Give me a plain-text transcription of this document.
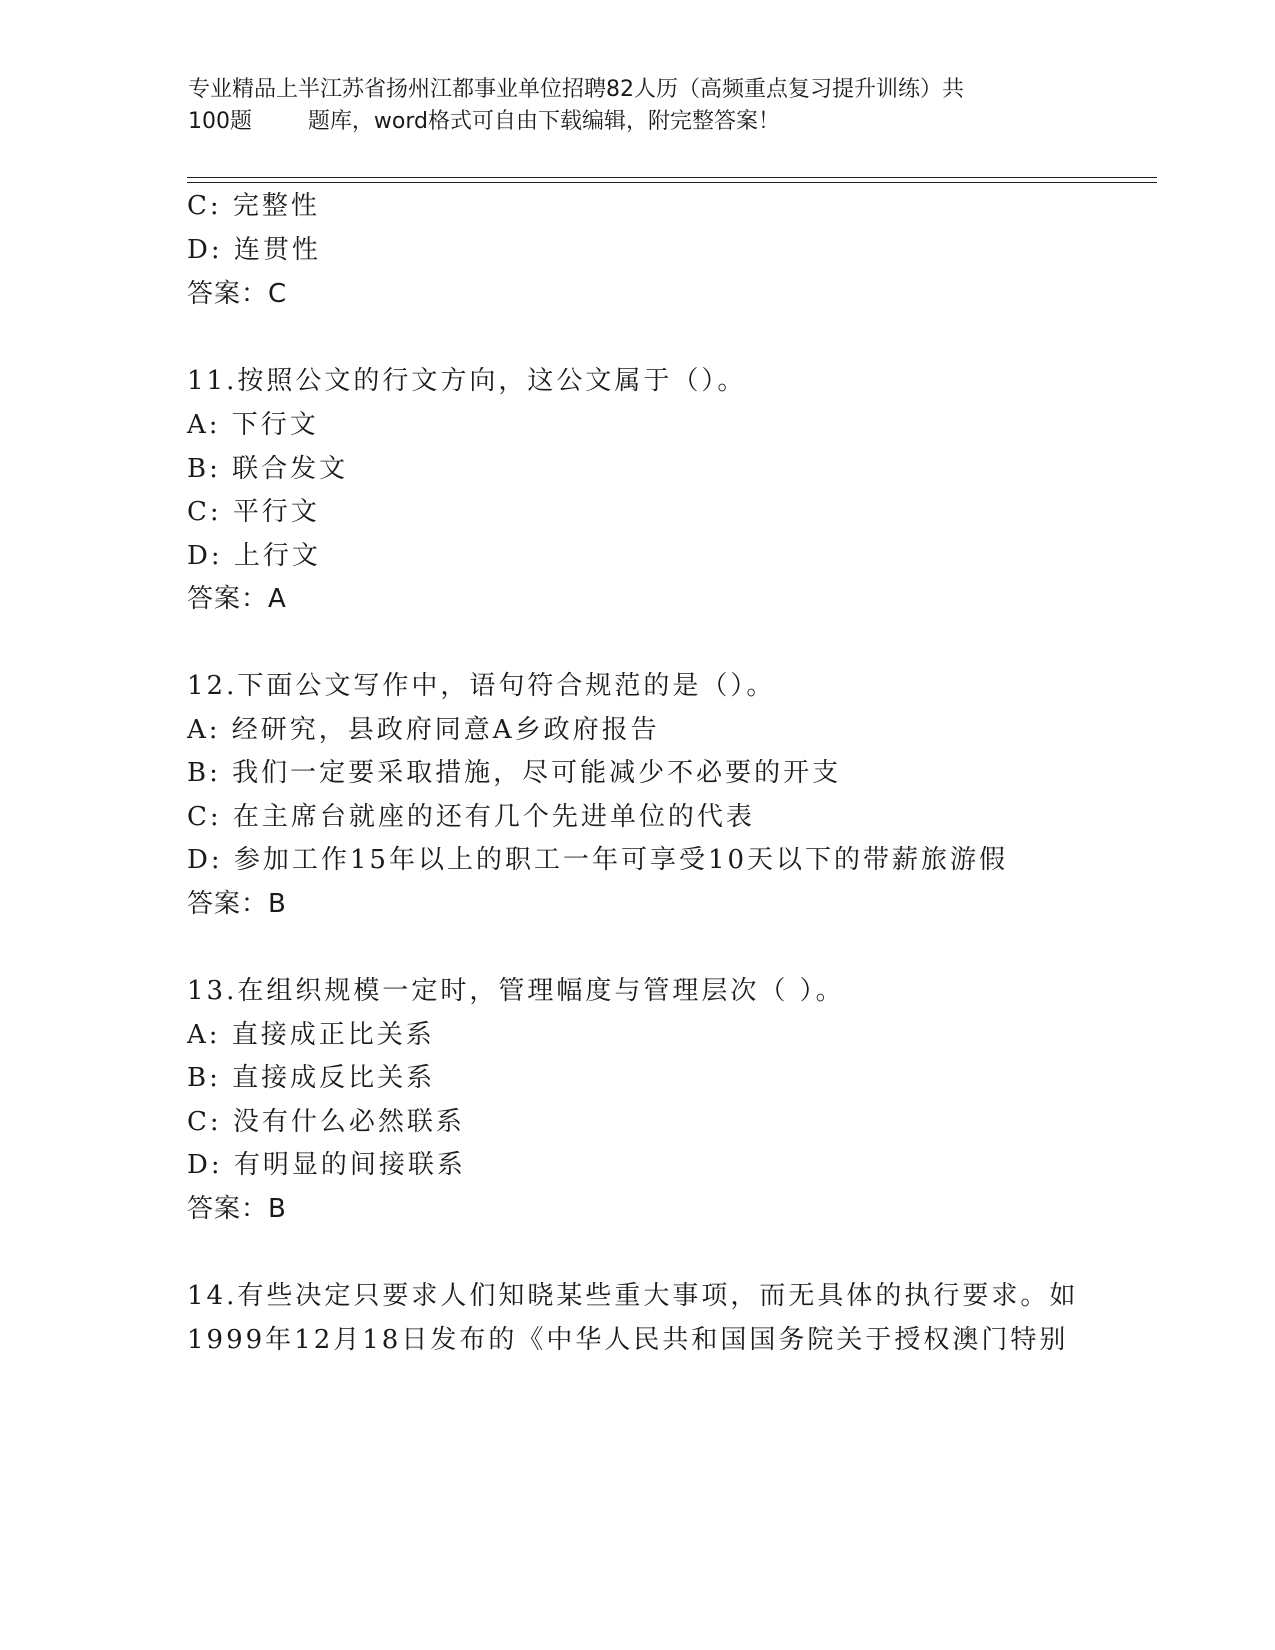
专业精品上半江苏省扬州江都事业单位招聘82人历（高频重点复习提升训练）共
100题        题库，word格式可自由下载编辑，附完整答案！
C: 完整性
D: 连贯性
答案：C
11.按照公文的行文方向，这公文属于（）。
A: 下行文
B: 联合发文
C: 平行文
D: 上行文
答案：A
12.下面公文写作中，语句符合规范的是（）。
A: 经研究，县政府同意A乡政府报告
B: 我们一定要采取措施，尽可能减少不必要的开支
C: 在主席台就座的还有几个先进单位的代表
D: 参加工作15年以上的职工一年可享受10天以下的带薪旅游假
答案：B
13.在组织规模一定时，管理幅度与管理层次（ ）。
A: 直接成正比关系
B: 直接成反比关系
C: 没有什么必然联系
D: 有明显的间接联系
答案：B
14.有些决定只要求人们知晓某些重大事项，而无具体的执行要求。如
1999年12月18日发布的《中华人民共和国国务院关于授权澳门特别
